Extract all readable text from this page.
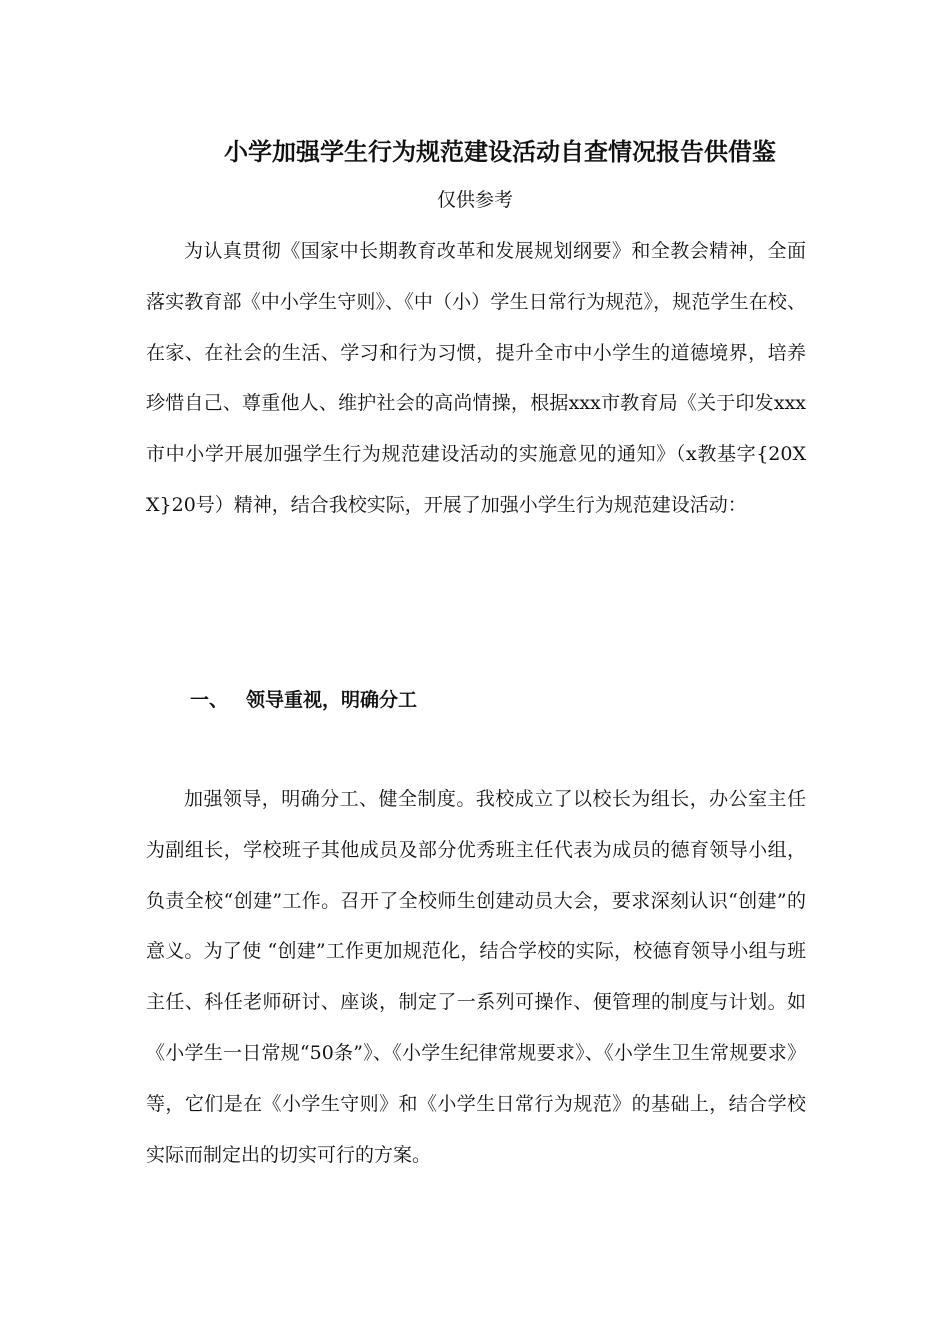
小学加强学生行为规范建设活动自查情况报告供借鉴
仅供参考

为认真贯彻《国家中长期教育改革和发展规划纲要》和全教会精神，全面落实教育部《中小学生守则》、《中（小）学生日常行为规范》，规范学生在校、在家、在社会的生活、学习和行为习惯，提升全市中小学生的道德境界，培养珍惜自己、尊重他人、维护社会的高尚情操，根据xxx市教育局《关于印发xxx市中小学开展加强学生行为规范建设活动的实施意见的通知》（x教基字{20XX}20号）精神，结合我校实际，开展了加强小学生行为规范建设活动：

一、 领导重视，明确分工

加强领导，明确分工、健全制度。我校成立了以校长为组长，办公室主任为副组长，学校班子其他成员及部分优秀班主任代表为成员的德育领导小组，负责全校“创建”工作。召开了全校师生创建动员大会，要求深刻认识“创建”的意义。为了使 “创建”工作更加规范化，结合学校的实际，校德育领导小组与班主任、科任老师研讨、座谈，制定了一系列可操作、便管理的制度与计划。如《小学生一日常规“50条”》、《小学生纪律常规要求》、《小学生卫生常规要求》等，它们是在《小学生守则》和《小学生日常行为规范》的基础上，结合学校实际而制定出的切实可行的方案。
